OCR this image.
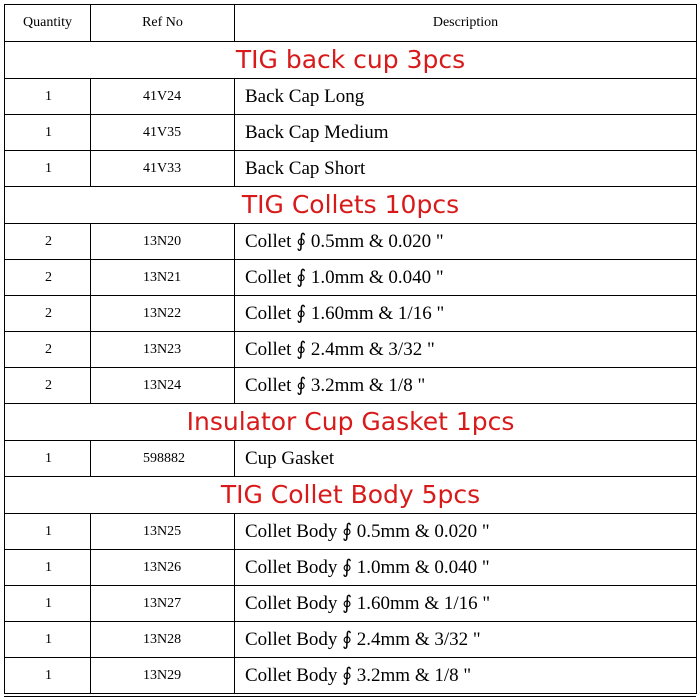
Quantity	Ref No	Description
TIG back cup 3pcs		
1	41V24	Back Cap Long
1	41V35	Back Cap Medium
1	41V33	Back Cap Short
TIG Collets 10pcs		
2	13N20	Collet ∮ 0.5mm & 0.020 "
2	13N21	Collet ∮ 1.0mm & 0.040 "
2	13N22	Collet ∮ 1.60mm & 1/16 "
2	13N23	Collet ∮ 2.4mm & 3/32 "
2	13N24	Collet ∮ 3.2mm & 1/8 "
Insulator Cup Gasket 1pcs		
1	598882	Cup Gasket
TIG Collet Body 5pcs		
1	13N25	Collet Body ∮ 0.5mm & 0.020 "
1	13N26	Collet Body ∮ 1.0mm & 0.040 "
1	13N27	Collet Body ∮ 1.60mm & 1/16 "
1	13N28	Collet Body ∮ 2.4mm & 3/32 "
1	13N29	Collet Body ∮ 3.2mm & 1/8 "
